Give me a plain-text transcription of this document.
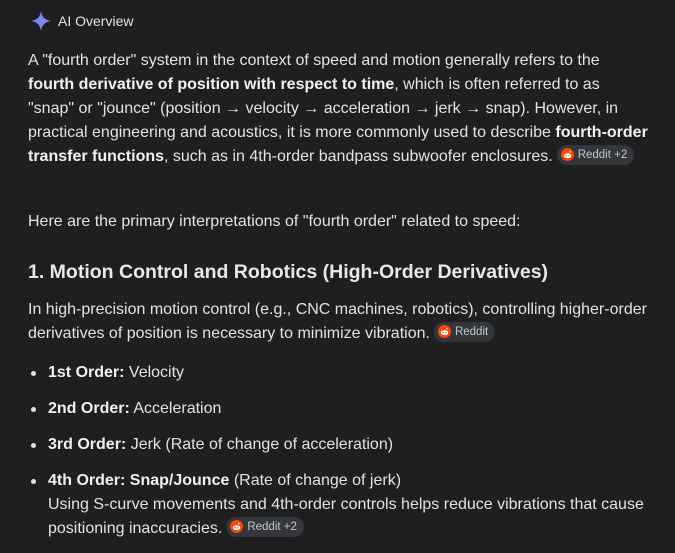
AI Overview
A "fourth order" system in the context of speed and motion generally refers to the fourth derivative of position with respect to time, which is often referred to as "snap" or "jounce" (position → velocity → acceleration → jerk → snap). However, in practical engineering and acoustics, it is more commonly used to describe fourth-order transfer functions, such as in 4th-order bandpass subwoofer enclosures. Reddit +2
Here are the primary interpretations of "fourth order" related to speed:
1. Motion Control and Robotics (High-Order Derivatives)
In high-precision motion control (e.g., CNC machines, robotics), controlling higher-order derivatives of position is necessary to minimize vibration. Reddit
1st Order: Velocity
2nd Order: Acceleration
3rd Order: Jerk (Rate of change of acceleration)
4th Order: Snap/Jounce (Rate of change of jerk)
Using S-curve movements and 4th-order controls helps reduce vibrations that cause positioning inaccuracies. Reddit +2
